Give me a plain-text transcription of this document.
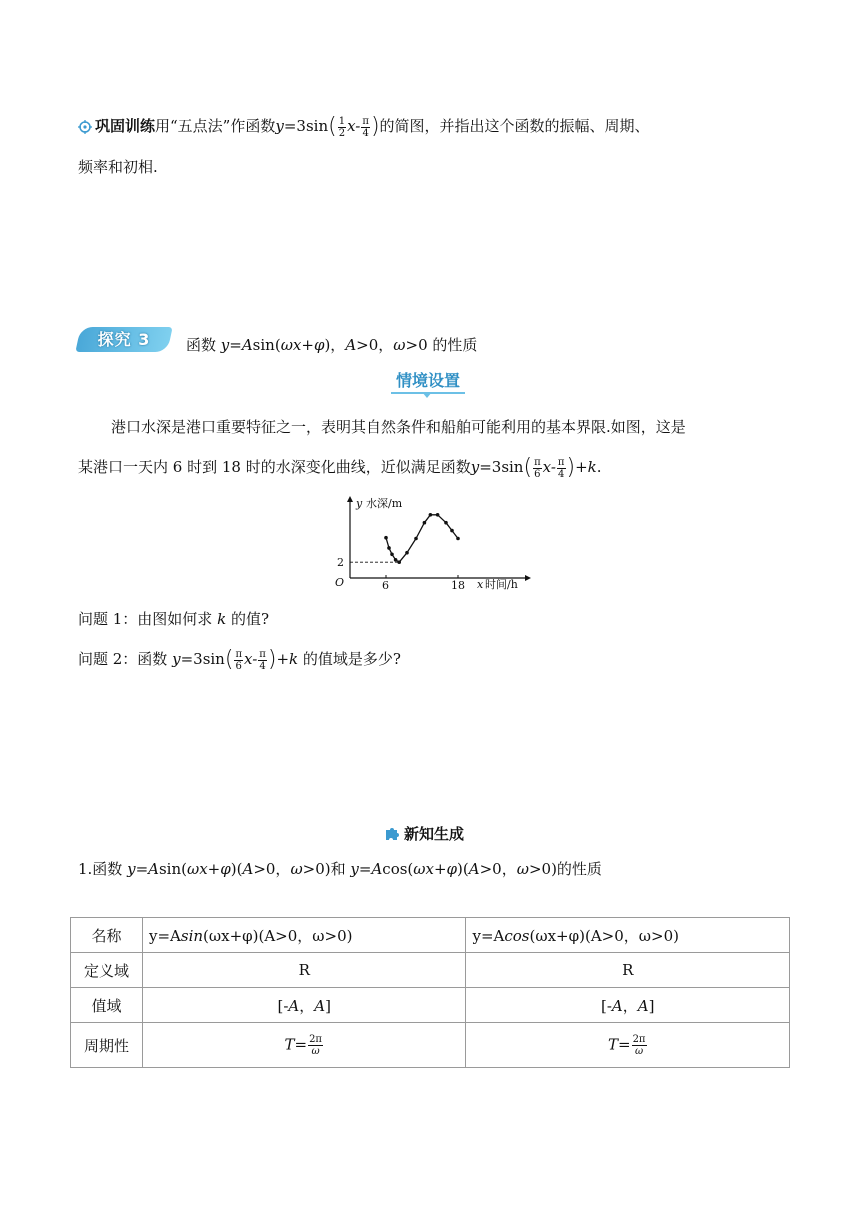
巩固训练用“五点法”作函数$y=3\sin( \frac{1}{2} x- \frac{\pi}{4}$ )的简图，并指出这个函数的振幅、周期、
频率和初相.
探究 3	函数 y=Asin(ωx+φ)，A>0，ω>0 的性质
情境设置
港口水深是港口重要特征之一，表明其自然条件和船舶可能利用的基本界限.如图，这是
某港口一天内 6 时到 18 时的水深变化曲线，近似满足函数$y=3\sin( \frac{\pi}{6} x- \frac{\pi}{4} )+k$.
y 水深/m
x 时间/h
O	6	18
2
问题 1：由图如何求 k 的值?
问题 2：函数 $y=3\sin( \frac{\pi}{6} x- \frac{\pi}{4} )+k$ 的值域是多少?
新知生成
1.函数 y=Asin(ωx+φ)(A>0，ω>0)和 y=Acos(ωx+φ)(A>0，ω>0)的性质
名称	y=Asin(ωx+φ)(A>0，ω>0)	y=Acos(ωx+φ)(A>0，ω>0)
定义域	R	R
值域	[-A，A]	[-A，A]
周期性	$T= \frac{2\pi}{\omega}$	$T= \frac{2\pi}{\omega}$
